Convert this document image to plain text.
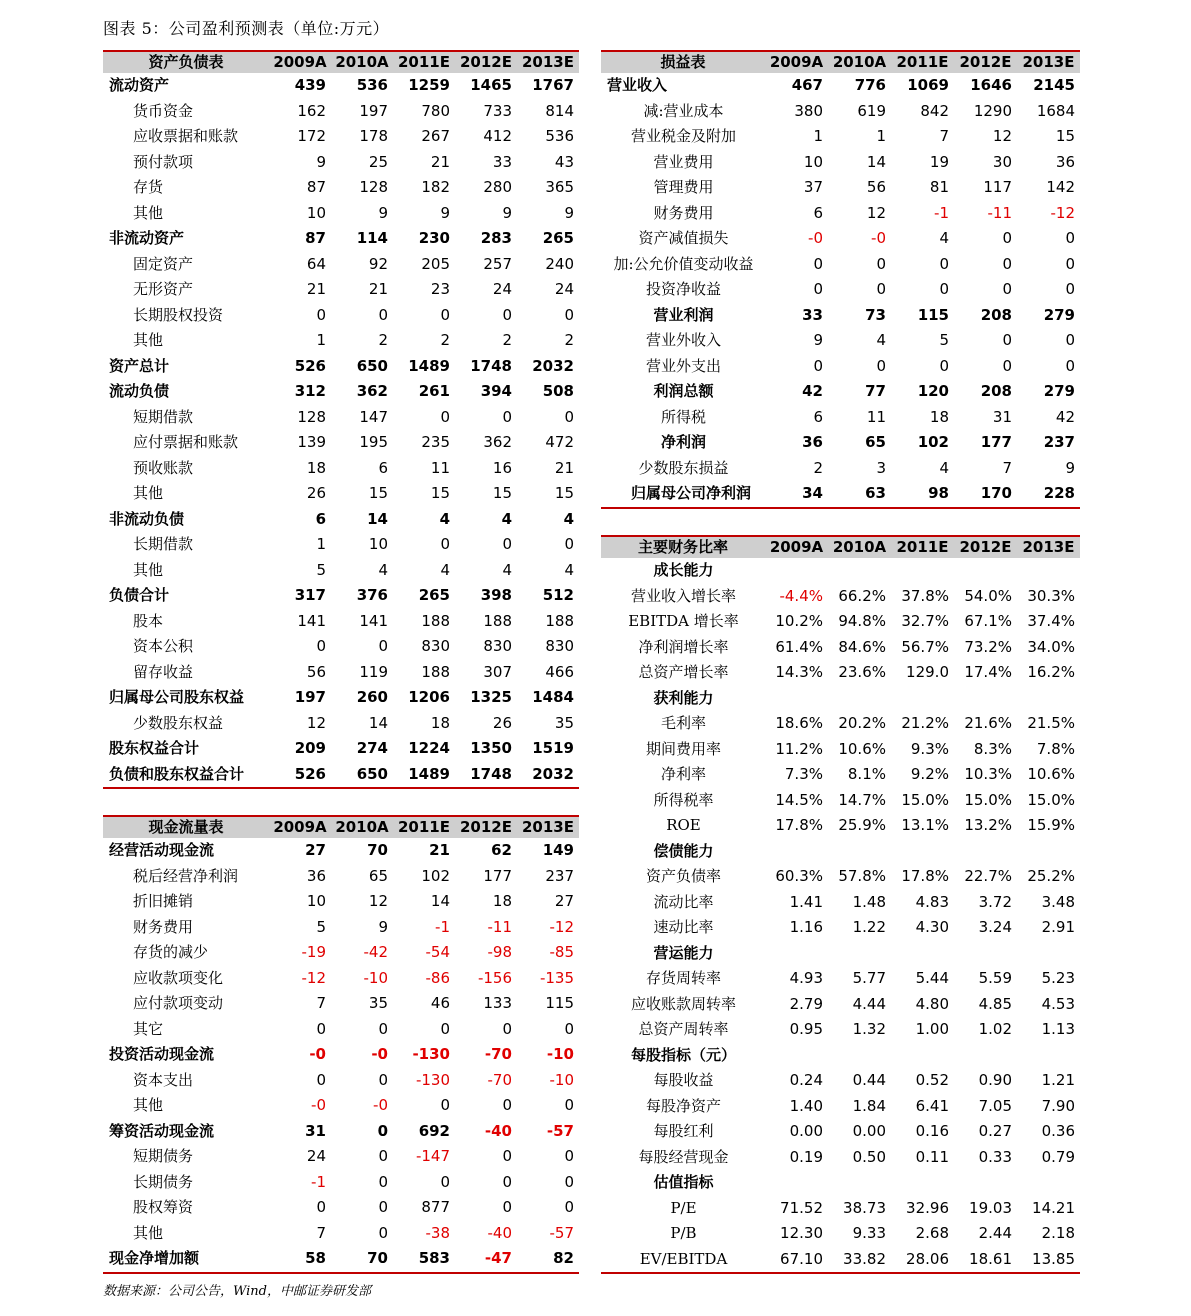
图表 5：公司盈利预测表（单位:万元）
资产负债表	2009A	2010A	2011E	2012E	2013E
流动资产	439	536	1259	1465	1767
货币资金	162	197	780	733	814
应收票据和账款	172	178	267	412	536
预付款项	9	25	21	33	43
存货	87	128	182	280	365
其他	10	9	9	9	9
非流动资产	87	114	230	283	265
固定资产	64	92	205	257	240
无形资产	21	21	23	24	24
长期股权投资	0	0	0	0	0
其他	1	2	2	2	2
资产总计	526	650	1489	1748	2032
流动负债	312	362	261	394	508
短期借款	128	147	0	0	0
应付票据和账款	139	195	235	362	472
预收账款	18	6	11	16	21
其他	26	15	15	15	15
非流动负债	6	14	4	4	4
长期借款	1	10	0	0	0
其他	5	4	4	4	4
负债合计	317	376	265	398	512
股本	141	141	188	188	188
资本公积	0	0	830	830	830
留存收益	56	119	188	307	466
归属母公司股东权益	197	260	1206	1325	1484
少数股东权益	12	14	18	26	35
股东权益合计	209	274	1224	1350	1519
负债和股东权益合计	526	650	1489	1748	2032
现金流量表	2009A	2010A	2011E	2012E	2013E
经营活动现金流	27	70	21	62	149
税后经营净利润	36	65	102	177	237
折旧摊销	10	12	14	18	27
财务费用	5	9	-1	-11	-12
存货的减少	-19	-42	-54	-98	-85
应收款项变化	-12	-10	-86	-156	-135
应付款项变动	7	35	46	133	115
其它	0	0	0	0	0
投资活动现金流	-0	-0	-130	-70	-10
资本支出	0	0	-130	-70	-10
其他	-0	-0	0	0	0
筹资活动现金流	31	0	692	-40	-57
短期债务	24	0	-147	0	0
长期债务	-1	0	0	0	0
股权筹资	0	0	877	0	0
其他	7	0	-38	-40	-57
现金净增加额	58	70	583	-47	82
损益表	2009A	2010A	2011E	2012E	2013E
营业收入	467	776	1069	1646	2145
减:营业成本	380	619	842	1290	1684
营业税金及附加	1	1	7	12	15
营业费用	10	14	19	30	36
管理费用	37	56	81	117	142
财务费用	6	12	-1	-11	-12
资产减值损失	-0	-0	4	0	0
加:公允价值变动收益	0	0	0	0	0
投资净收益	0	0	0	0	0
营业利润	33	73	115	208	279
营业外收入	9	4	5	0	0
营业外支出	0	0	0	0	0
利润总额	42	77	120	208	279
所得税	6	11	18	31	42
净利润	36	65	102	177	237
少数股东损益	2	3	4	7	9
归属母公司净利润	34	63	98	170	228
主要财务比率	2009A	2010A	2011E	2012E	2013E
成长能力					
营业收入增长率	-4.4%	66.2%	37.8%	54.0%	30.3%
EBITDA 增长率	10.2%	94.8%	32.7%	67.1%	37.4%
净利润增长率	61.4%	84.6%	56.7%	73.2%	34.0%
总资产增长率	14.3%	23.6%	129.0	17.4%	16.2%
获利能力					
毛利率	18.6%	20.2%	21.2%	21.6%	21.5%
期间费用率	11.2%	10.6%	9.3%	8.3%	7.8%
净利率	7.3%	8.1%	9.2%	10.3%	10.6%
所得税率	14.5%	14.7%	15.0%	15.0%	15.0%
ROE	17.8%	25.9%	13.1%	13.2%	15.9%
偿债能力					
资产负债率	60.3%	57.8%	17.8%	22.7%	25.2%
流动比率	1.41	1.48	4.83	3.72	3.48
速动比率	1.16	1.22	4.30	3.24	2.91
营运能力					
存货周转率	4.93	5.77	5.44	5.59	5.23
应收账款周转率	2.79	4.44	4.80	4.85	4.53
总资产周转率	0.95	1.32	1.00	1.02	1.13
每股指标（元）					
每股收益	0.24	0.44	0.52	0.90	1.21
每股净资产	1.40	1.84	6.41	7.05	7.90
每股红利	0.00	0.00	0.16	0.27	0.36
每股经营现金	0.19	0.50	0.11	0.33	0.79
估值指标					
P/E	71.52	38.73	32.96	19.03	14.21
P/B	12.30	9.33	2.68	2.44	2.18
EV/EBITDA	67.10	33.82	28.06	18.61	13.85
数据来源：公司公告，Wind，中邮证券研发部
